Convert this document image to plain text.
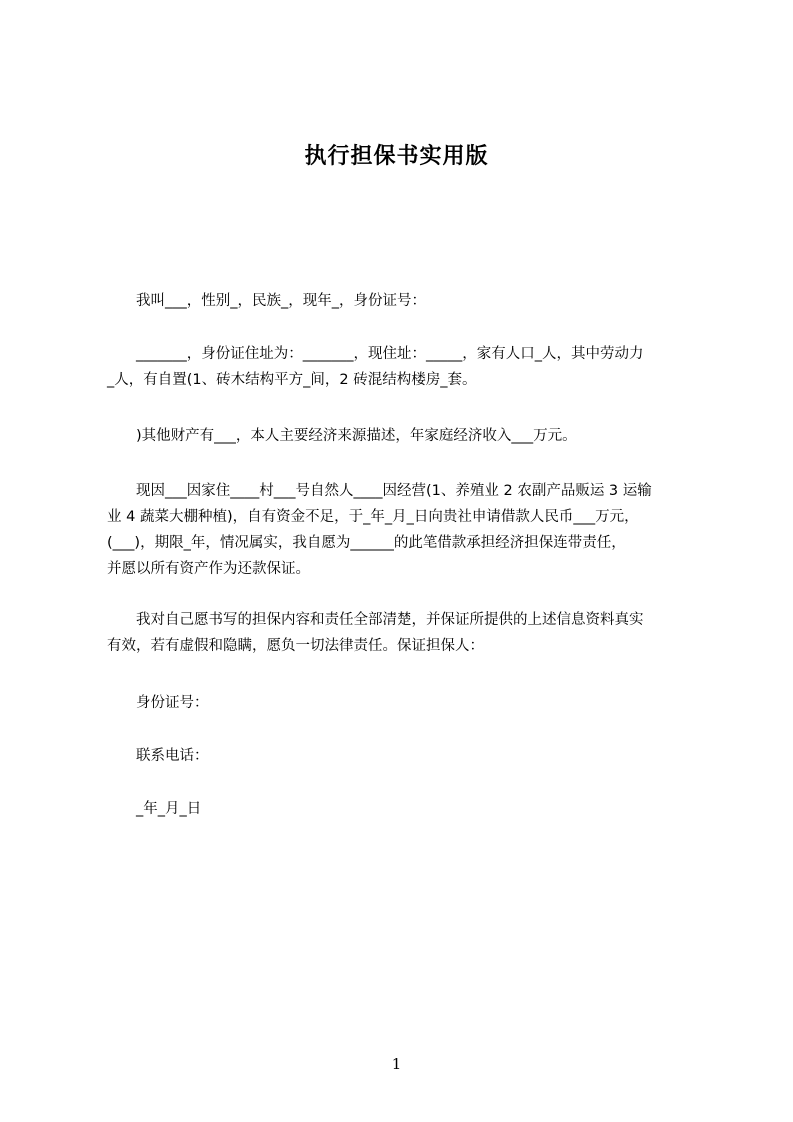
执行担保书实用版

我叫___，性别_，民族_，现年_，身份证号：

_______，身份证住址为：_______，现住址：_____，家有人口_人，其中劳动力
_人，有自置(1、砖木结构平方_间，2 砖混结构楼房_套。

)其他财产有___，本人主要经济来源描述，年家庭经济收入___万元。

现因___因家住____村___号自然人____因经营(1、养殖业 2 农副产品贩运 3 运输
业 4 蔬菜大棚种植)，自有资金不足，于_年_月_日向贵社申请借款人民币___万元，
(___)，期限_年，情况属实，我自愿为______的此笔借款承担经济担保连带责任，
并愿以所有资产作为还款保证。

我对自己愿书写的担保内容和责任全部清楚，并保证所提供的上述信息资料真实
有效，若有虚假和隐瞒，愿负一切法律责任。保证担保人：

身份证号：

联系电话：

_年_月_日

1
